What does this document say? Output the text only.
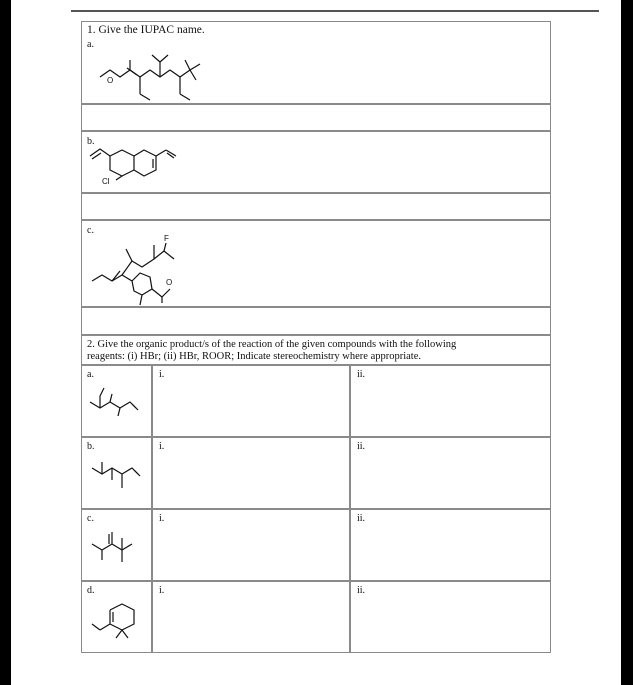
1. Give the IUPAC name.
a.
O
b.
Cl
c.
F
O
2. Give the organic product/s of the reaction of the given compounds with the following
reagents: (i) HBr; (ii) HBr, ROOR; Indicate stereochemistry where appropriate.
a.	i.	ii.
b.	i.	ii.
c.	i.	ii.
d.	i.	ii.
